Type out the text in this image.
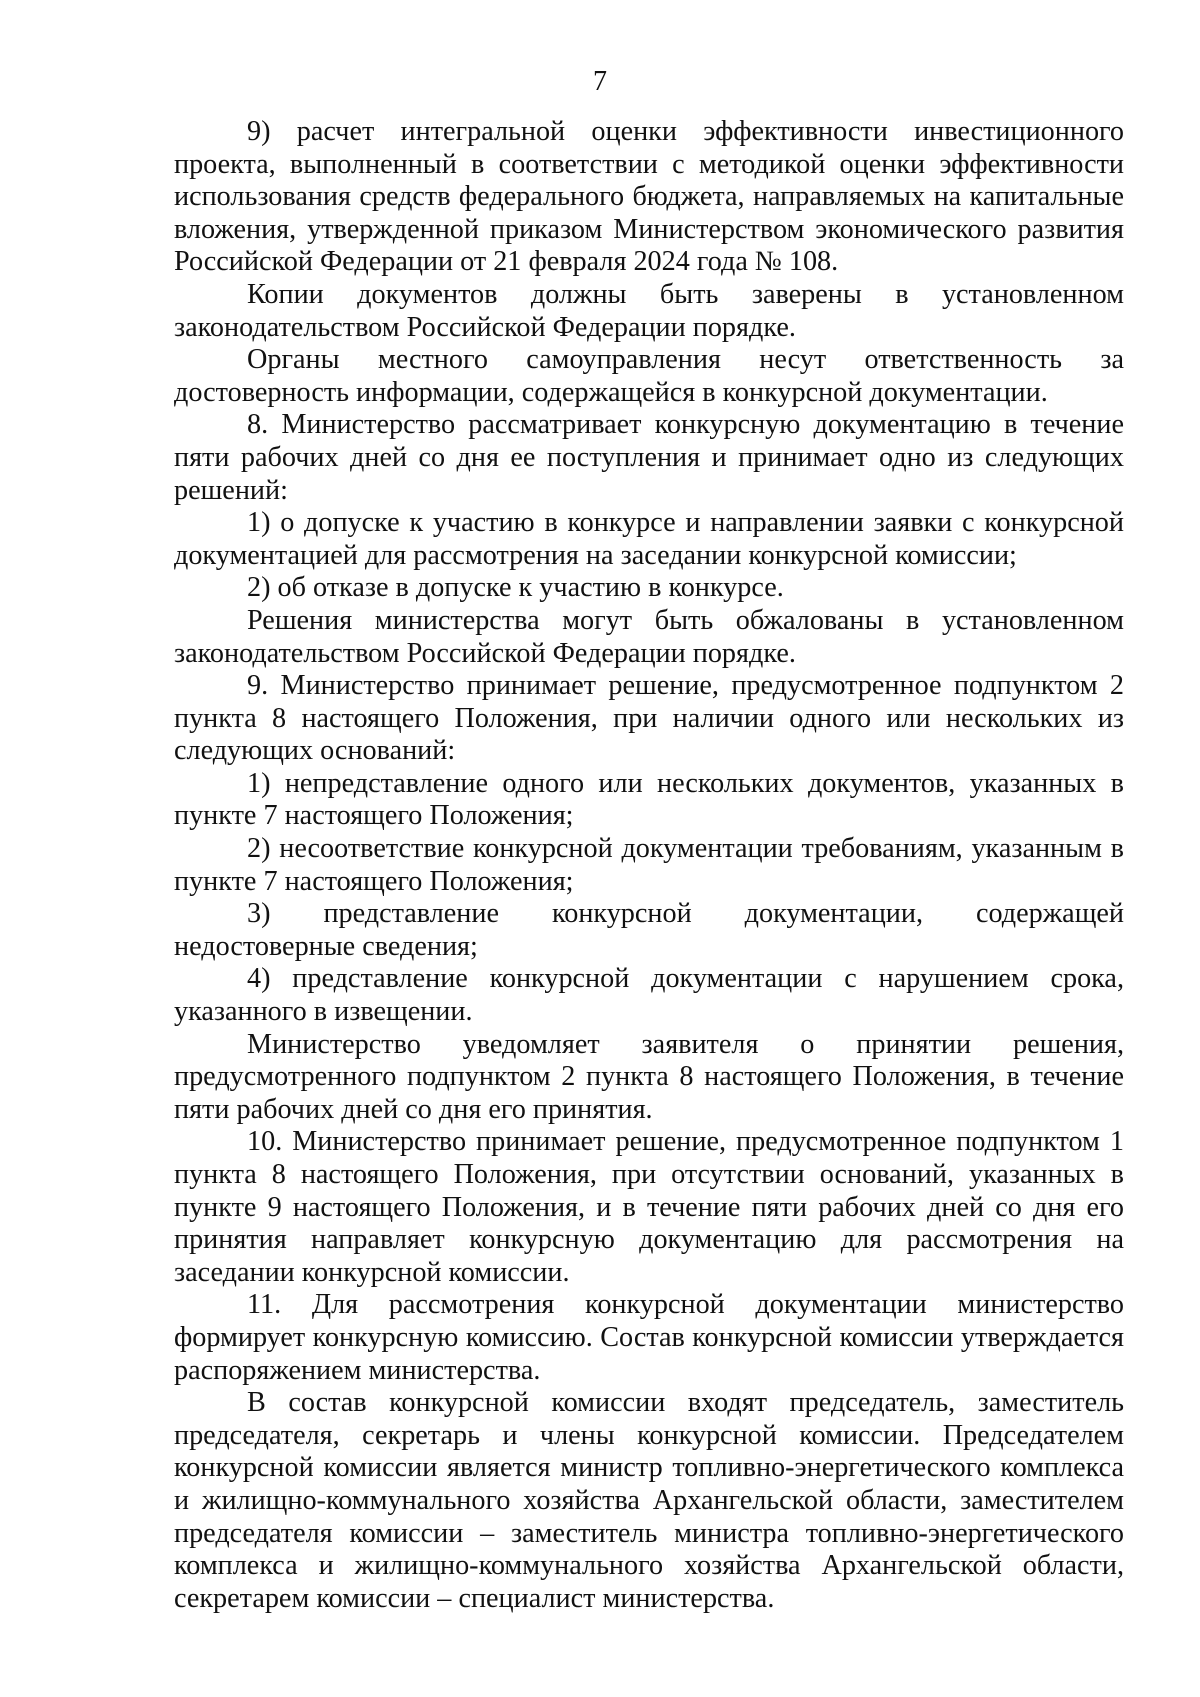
7

9) расчет интегральной оценки эффективности инвестиционного проекта, выполненный в соответствии с методикой оценки эффективности использования средств федерального бюджета, направляемых на капитальные вложения, утвержденной приказом Министерством экономического развития Российской Федерации от 21 февраля 2024 года № 108.

Копии документов должны быть заверены в установленном законодательством Российской Федерации порядке.

Органы местного самоуправления несут ответственность за достоверность информации, содержащейся в конкурсной документации.

8. Министерство рассматривает конкурсную документацию в течение пяти рабочих дней со дня ее поступления и принимает одно из следующих решений:

1) о допуске к участию в конкурсе и направлении заявки с конкурсной документацией для рассмотрения на заседании конкурсной комиссии;

2) об отказе в допуске к участию в конкурсе.

Решения министерства могут быть обжалованы в установленном законодательством Российской Федерации порядке.

9. Министерство принимает решение, предусмотренное подпунктом 2 пункта 8 настоящего Положения, при наличии одного или нескольких из следующих оснований:

1) непредставление одного или нескольких документов, указанных в пункте 7 настоящего Положения;

2) несоответствие конкурсной документации требованиям, указанным в пункте 7 настоящего Положения;

3) представление конкурсной документации, содержащей недостоверные сведения;

4) представление конкурсной документации с нарушением срока, указанного в извещении.

Министерство уведомляет заявителя о принятии решения, предусмотренного подпунктом 2 пункта 8 настоящего Положения, в течение пяти рабочих дней со дня его принятия.

10. Министерство принимает решение, предусмотренное подпунктом 1 пункта 8 настоящего Положения, при отсутствии оснований, указанных в пункте 9 настоящего Положения, и в течение пяти рабочих дней со дня его принятия направляет конкурсную документацию для рассмотрения на заседании конкурсной комиссии.

11. Для рассмотрения конкурсной документации министерство формирует конкурсную комиссию. Состав конкурсной комиссии утверждается распоряжением министерства.

В состав конкурсной комиссии входят председатель, заместитель председателя, секретарь и члены конкурсной комиссии. Председателем конкурсной комиссии является министр топливно-энергетического комплекса и жилищно-коммунального хозяйства Архангельской области, заместителем председателя комиссии – заместитель министра топливно-энергетического комплекса и жилищно-коммунального хозяйства Архангельской области, секретарем комиссии – специалист министерства.
